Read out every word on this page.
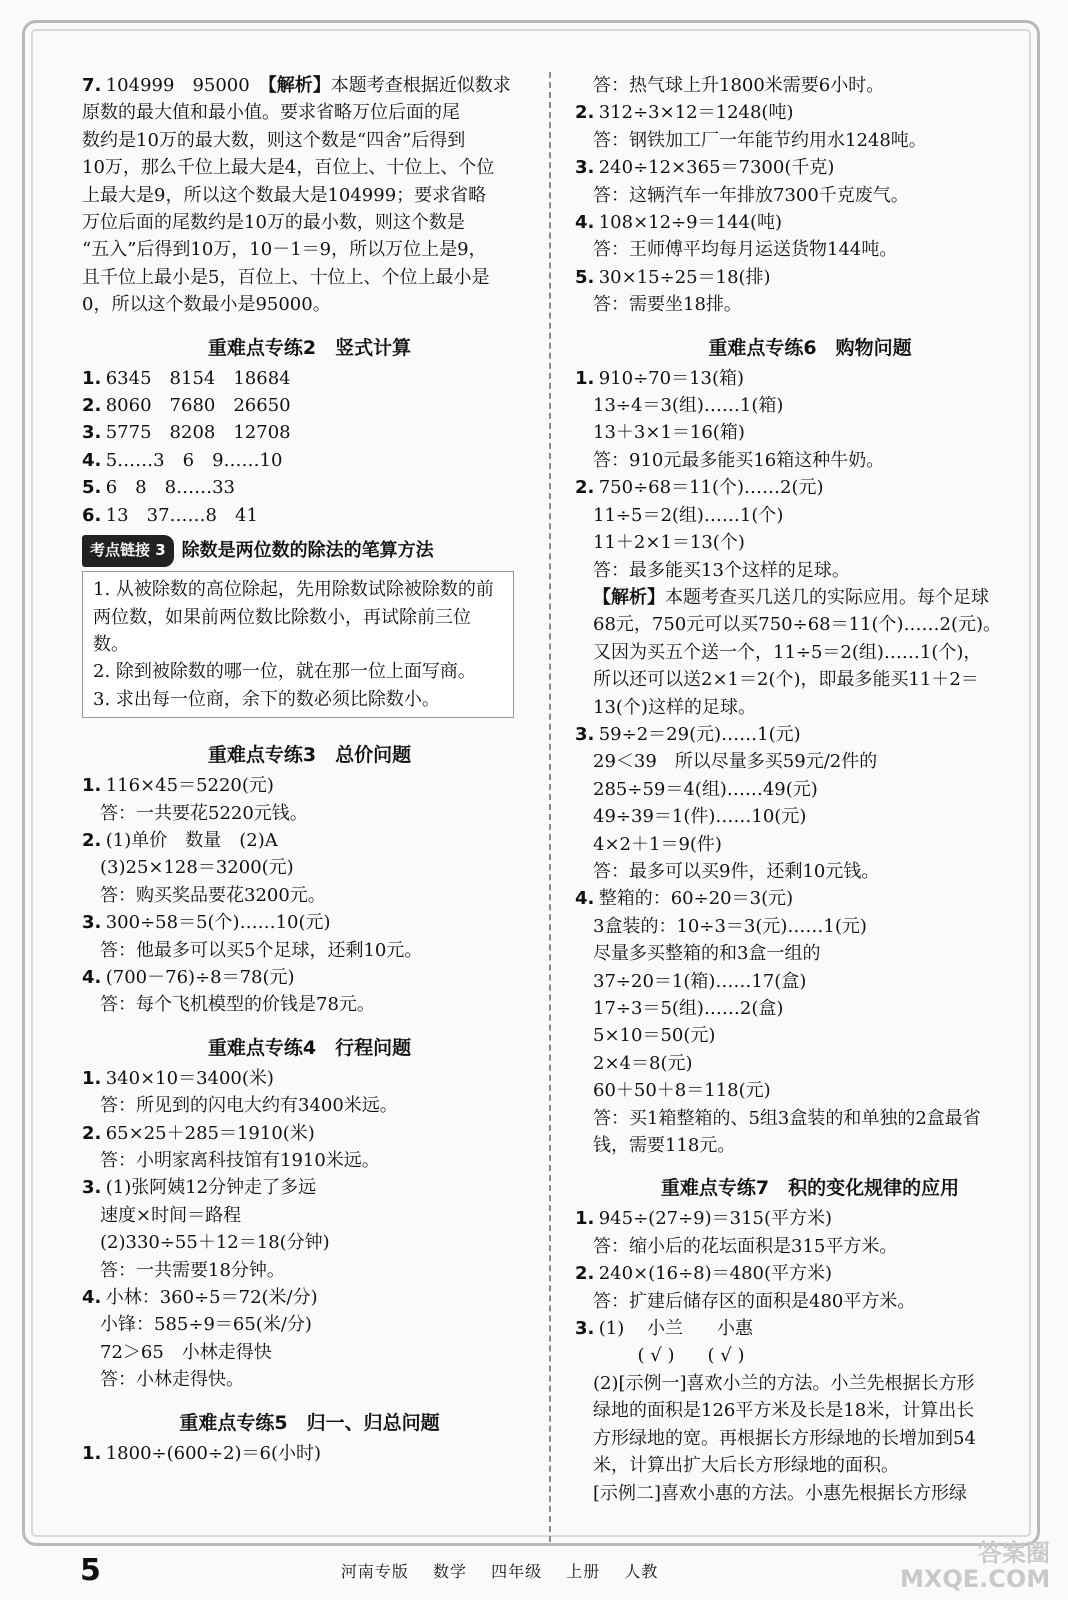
7. 104999　95000　【解析】本题考查根据近似数求
原数的最大值和最小值。要求省略万位后面的尾
数约是10万的最大数，则这个数是“四舍”后得到
10万，那么千位上最大是4，百位上、十位上、个位
上最大是9，所以这个数最大是104999；要求省略
万位后面的尾数约是10万的最小数，则这个数是
“五入”后得到10万，10－1＝9，所以万位上是9，
且千位上最小是5，百位上、十位上、个位上最小是
0，所以这个数最小是95000。
重难点专练2　竖式计算
1. 6345　8154　18684
2. 8060　7680　26650
3. 5775　8208　12708
4. 5……3　6　9……10
5. 6　8　8……33
6. 13　37……8　41
考点链接 3 除数是两位数的除法的笔算方法
1. 从被除数的高位除起，先用除数试除被除数的前两位数，如果前两位数比除数小，再试除前三位数。
2. 除到被除数的哪一位，就在那一位上面写商。
3. 求出每一位商，余下的数必须比除数小。
重难点专练3　总价问题
1. 116×45＝5220(元)
答：一共要花5220元钱。
2. (1)单价　数量　(2)A
(3)25×128＝3200(元)
答：购买奖品要花3200元。
3. 300÷58＝5(个)……10(元)
答：他最多可以买5个足球，还剩10元。
4. (700－76)÷8＝78(元)
答：每个飞机模型的价钱是78元。
重难点专练4　行程问题
1. 340×10＝3400(米)
答：所见到的闪电大约有3400米远。
2. 65×25＋285＝1910(米)
答：小明家离科技馆有1910米远。
3. (1)张阿姨12分钟走了多远
速度×时间＝路程
(2)330÷55＋12＝18(分钟)
答：一共需要18分钟。
4. 小林：360÷5＝72(米/分)
小锋：585÷9＝65(米/分)
72＞65　小林走得快
答：小林走得快。
重难点专练5　归一、归总问题
1. 1800÷(600÷2)＝6(小时)
答：热气球上升1800米需要6小时。
2. 312÷3×12＝1248(吨)
答：钢铁加工厂一年能节约用水1248吨。
3. 240÷12×365＝7300(千克)
答：这辆汽车一年排放7300千克废气。
4. 108×12÷9＝144(吨)
答：王师傅平均每月运送货物144吨。
5. 30×15÷25＝18(排)
答：需要坐18排。
重难点专练6　购物问题
1. 910÷70＝13(箱)
13÷4＝3(组)……1(箱)
13＋3×1＝16(箱)
答：910元最多能买16箱这种牛奶。
2. 750÷68＝11(个)……2(元)
11÷5＝2(组)……1(个)
11＋2×1＝13(个)
答：最多能买13个这样的足球。
【解析】本题考查买几送几的实际应用。每个足球
68元，750元可以买750÷68＝11(个)……2(元)。
又因为买五个送一个，11÷5＝2(组)……1(个)，
所以还可以送2×1＝2(个)，即最多能买11＋2＝
13(个)这样的足球。
3. 59÷2＝29(元)……1(元)
29＜39　所以尽量多买59元/2件的
285÷59＝4(组)……49(元)
49÷39＝1(件)……10(元)
4×2＋1＝9(件)
答：最多可以买9件，还剩10元钱。
4. 整箱的：60÷20＝3(元)
3盒装的：10÷3＝3(元)……1(元)
尽量多买整箱的和3盒一组的
37÷20＝1(箱)……17(盒)
17÷3＝5(组)……2(盒)
5×10＝50(元)
2×4＝8(元)
60＋50＋8＝118(元)
答：买1箱整箱的、5组3盒装的和单独的2盒最省
钱，需要118元。
重难点专练7　积的变化规律的应用
1. 945÷(27÷9)＝315(平方米)
答：缩小后的花坛面积是315平方米。
2. 240×(16÷8)＝480(平方米)
答：扩建后储存区的面积是480平方米。
3. (1) 小兰 小惠
( √ ) ( √ )
(2)[示例一]喜欢小兰的方法。小兰先根据长方形
绿地的面积是126平方米及长是18米，计算出长
方形绿地的宽。再根据长方形绿地的长增加到54
米，计算出扩大后长方形绿地的面积。
[示例二]喜欢小惠的方法。小惠先根据长方形绿
5	河南专版 数学 四年级 上册 人教
答案圈
MXQE.COM
